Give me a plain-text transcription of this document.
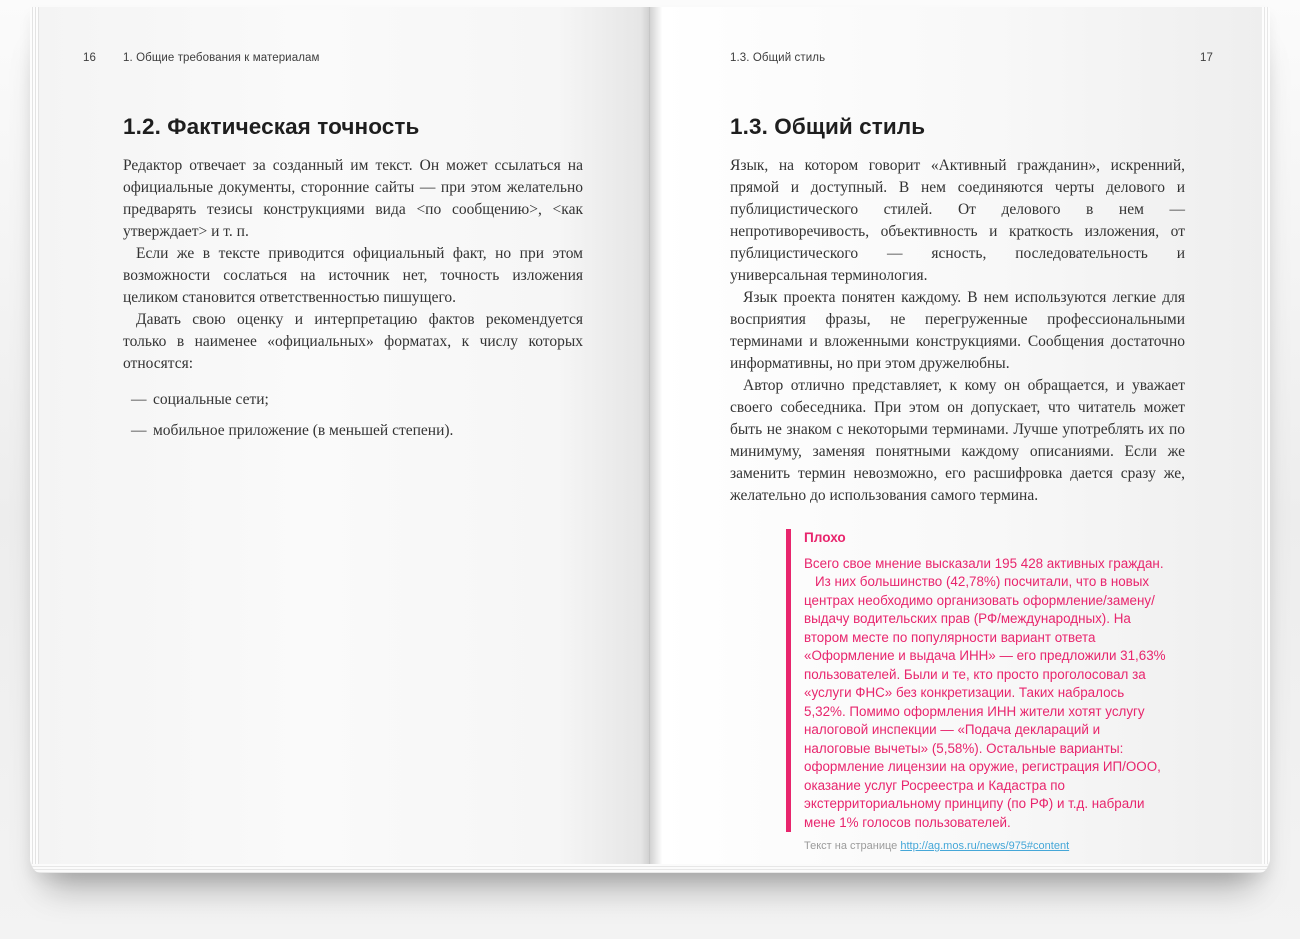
16	1. Общие требования к материалам
1.2. Фактическая точность

Редактор отвечает за созданный им текст. Он может ссылаться на официальные документы, сторонние сайты — при этом желательно предварять тезисы конструкциями вида <по сообщению>, <как утверждает> и т. п.

Если же в тексте приводится официальный факт, но при этом возможности сослаться на источник нет, точность изложения целиком становится ответственностью пишущего.

Давать свою оценку и интерпретацию фактов рекомендуется только в наименее «официальных» форматах, к числу которых относятся:

— социальные сети;
— мобильное приложение (в меньшей степени).
1.3. Общий стиль	17
1.3. Общий стиль

Язык, на котором говорит «Активный гражданин», искренний, прямой и доступный. В нем соединяются черты делового и публицистического стилей. От делового в нем — непротиворечивость, объективность и краткость изложения, от публицистического — ясность, последовательность и универсальная терминология.

Язык проекта понятен каждому. В нем используются легкие для восприятия фразы, не перегруженные профессиональными терминами и вложенными конструкциями. Сообщения достаточно информативны, но при этом дружелюбны.

Автор отлично представляет, к кому он обращается, и уважает своего собеседника. При этом он допускает, что читатель может быть не знаком с некоторыми терминами. Лучше употреблять их по минимуму, заменяя понятными каждому описаниями. Если же заменить термин невозможно, его расшифровка дается сразу же, желательно до использования самого термина.

Плохо

Всего свое мнение высказали 195 428 активных граждан.

Из них большинство (42,78%) посчитали, что в новых центрах необходимо организовать оформление/замену/выдачу водительских прав (РФ/международных). На втором месте по популярности вариант ответа «Оформление и выдача ИНН» — его предложили 31,63% пользователей. Были и те, кто просто проголосовал за «услуги ФНС» без конкретизации. Таких набралось 5,32%. Помимо оформления ИНН жители хотят услугу налоговой инспекции — «Подача деклараций и налоговые вычеты» (5,58%). Остальные варианты: оформление лицензии на оружие, регистрация ИП/ООО, оказание услуг Росреестра и Кадастра по экстерриториальному принципу (по РФ) и т.д. набрали мене 1% голосов пользователей.

Текст на странице http://ag.mos.ru/news/975#content
